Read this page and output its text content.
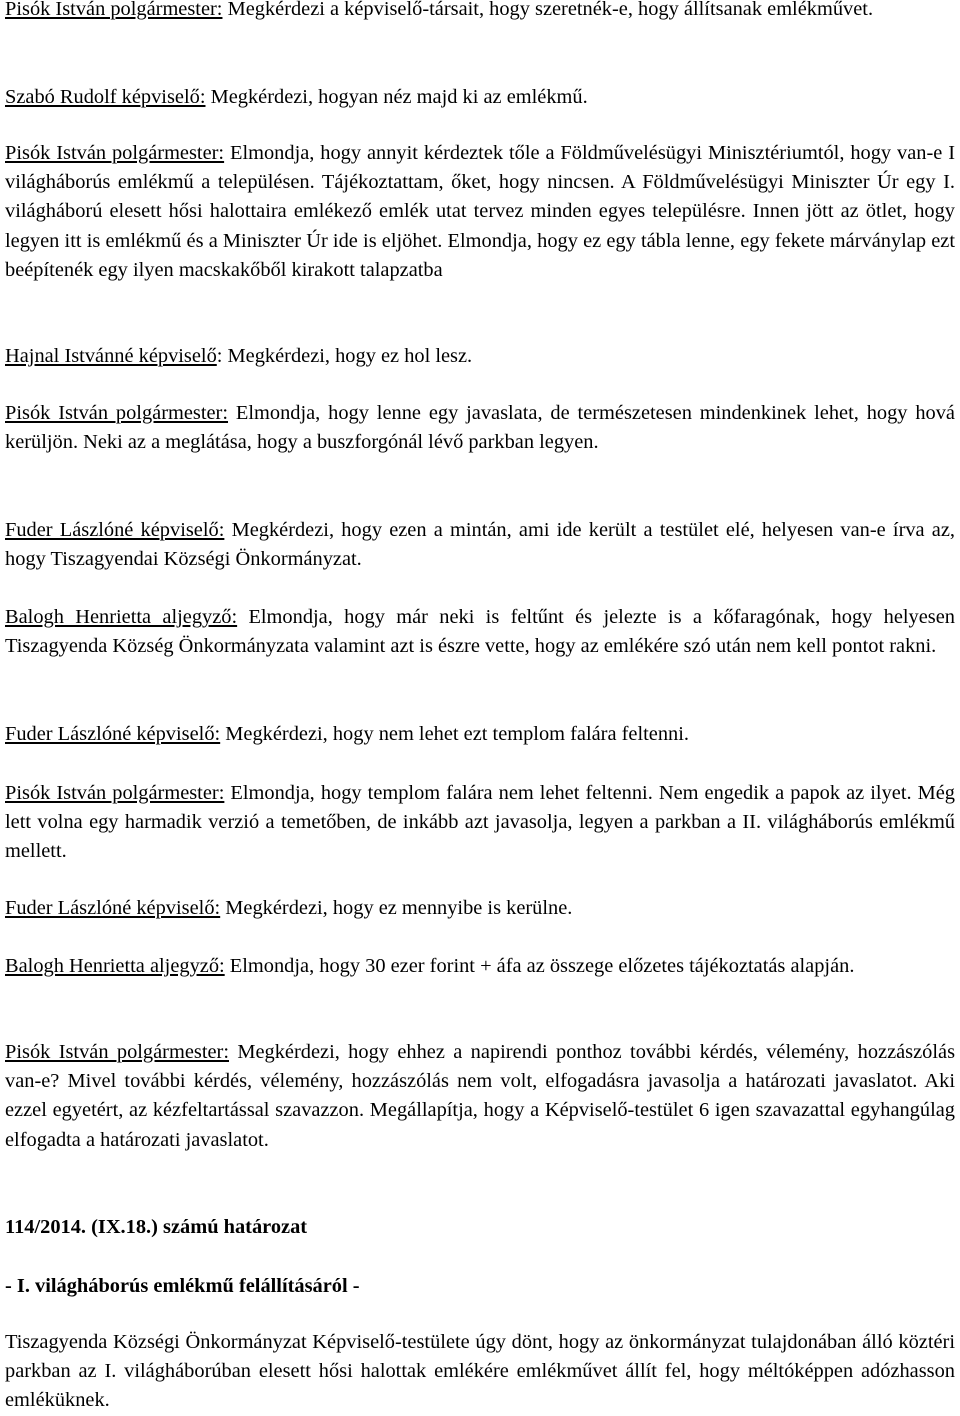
Pisók István polgármester: Megkérdezi a képviselő-társait, hogy szeretnék-e, hogy állítsanak emlékművet.

Szabó Rudolf képviselő: Megkérdezi, hogyan néz majd ki az emlékmű.

Pisók István polgármester: Elmondja, hogy annyit kérdeztek tőle a Földművelésügyi Minisztériumtól, hogy van-e I világháborús emlékmű a településen. Tájékoztattam, őket, hogy nincsen. A Földművelésügyi Miniszter Úr egy I. világháború elesett hősi halottaira emlékező emlék utat tervez minden egyes településre. Innen jött az ötlet, hogy legyen itt is emlékmű és a Miniszter Úr ide is eljöhet. Elmondja, hogy ez egy tábla lenne, egy fekete márványlap ezt beépítenék egy ilyen macskakőből kirakott talapzatba

Hajnal Istvánné képviselő: Megkérdezi, hogy ez hol lesz.

Pisók István polgármester: Elmondja, hogy lenne egy javaslata, de természetesen mindenkinek lehet, hogy hová kerüljön. Neki az a meglátása, hogy a buszforgónál lévő parkban legyen.

Fuder Lászlóné képviselő: Megkérdezi, hogy ezen a mintán, ami ide került a testület elé, helyesen van-e írva az, hogy Tiszagyendai Községi Önkormányzat.

Balogh Henrietta aljegyző: Elmondja, hogy már neki is feltűnt és jelezte is a kőfaragónak, hogy helyesen Tiszagyenda Község Önkormányzata valamint azt is észre vette, hogy az emlékére szó után nem kell pontot rakni.

Fuder Lászlóné képviselő: Megkérdezi, hogy nem lehet ezt templom falára feltenni.

Pisók István polgármester: Elmondja, hogy templom falára nem lehet feltenni. Nem engedik a papok az ilyet. Még lett volna egy harmadik verzió a temetőben, de inkább azt javasolja, legyen a parkban a II. világháborús emlékmű mellett.

Fuder Lászlóné képviselő: Megkérdezi, hogy ez mennyibe is kerülne.

Balogh Henrietta aljegyző: Elmondja, hogy 30 ezer forint + áfa az összege előzetes tájékoztatás alapján.

Pisók István polgármester: Megkérdezi, hogy ehhez a napirendi ponthoz további kérdés, vélemény, hozzászólás van-e? Mivel további kérdés, vélemény, hozzászólás nem volt, elfogadásra javasolja a határozati javaslatot. Aki ezzel egyetért, az kézfeltartással szavazzon. Megállapítja, hogy a Képviselő-testület 6 igen szavazattal egyhangúlag elfogadta a határozati javaslatot.

114/2014. (IX.18.) számú határozat

- I. világháborús emlékmű felállításáról -

Tiszagyenda Községi Önkormányzat Képviselő-testülete úgy dönt, hogy az önkormányzat tulajdonában álló köztéri parkban az I. világháborúban elesett hősi halottak emlékére emlékművet állít fel, hogy méltóképpen adózhasson emléküknek.
